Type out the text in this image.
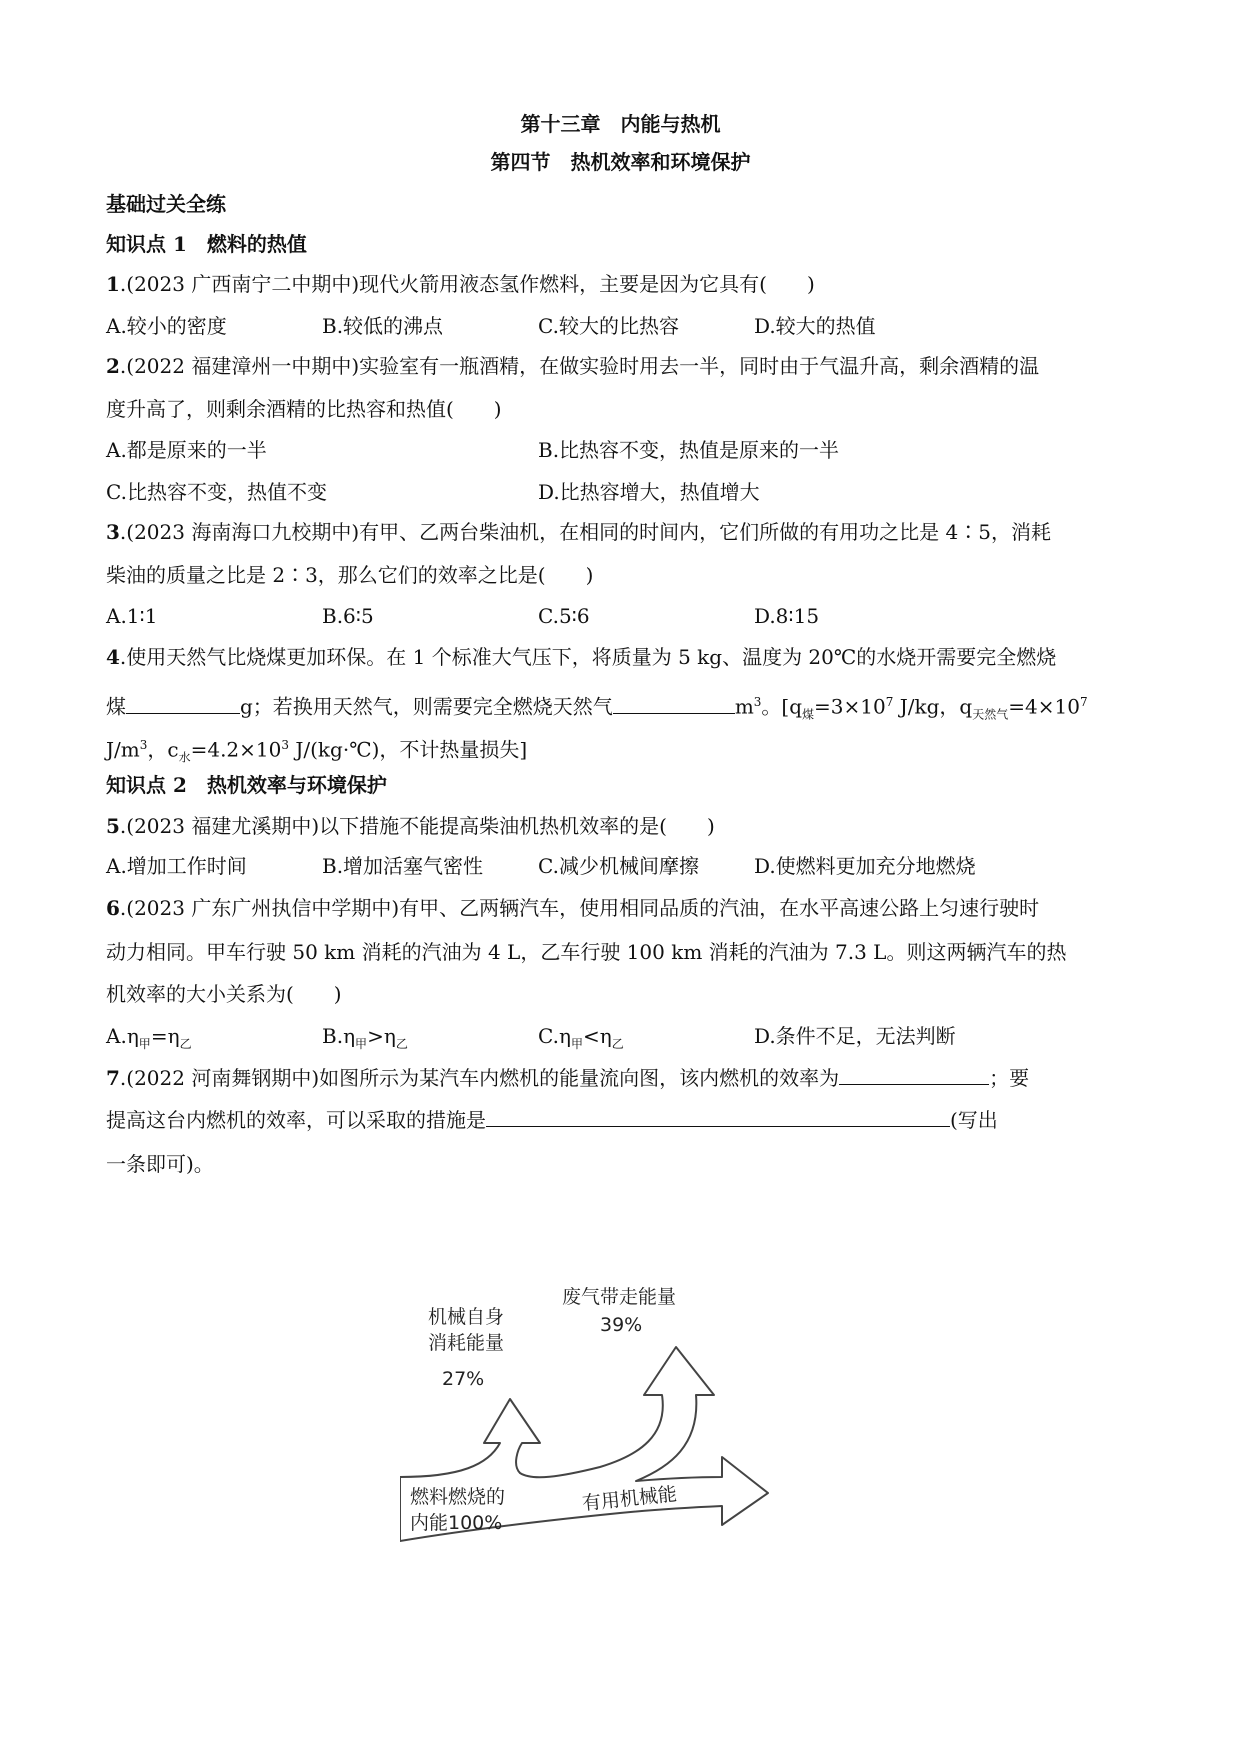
第十三章　内能与热机
第四节　热机效率和环境保护
基础过关全练
知识点 1　燃料的热值
1.(2023 广西南宁二中期中)现代火箭用液态氢作燃料，主要是因为它具有(　　)
A.较小的密度	B.较低的沸点	C.较大的比热容	D.较大的热值
2.(2022 福建漳州一中期中)实验室有一瓶酒精，在做实验时用去一半，同时由于气温升高，剩余酒精的温
度升高了，则剩余酒精的比热容和热值(　　)
A.都是原来的一半	B.比热容不变，热值是原来的一半
C.比热容不变，热值不变	D.比热容增大，热值增大
3.(2023 海南海口九校期中)有甲、乙两台柴油机，在相同的时间内，它们所做的有用功之比是 4∶5，消耗
柴油的质量之比是 2∶3，那么它们的效率之比是(　　)
A.1∶1	B.6∶5	C.5∶6	D.8∶15
4.使用天然气比烧煤更加环保。在 1 个标准大气压下，将质量为 5 kg、温度为 20℃的水烧开需要完全燃烧
煤	g；若换用天然气，则需要完全燃烧天然气	$m^3$。[$q_煤=3\times 10^7$ J/kg，$q_{天然气}=4\times 10^7$
$J/m^3$，$c_水=4.2\times 10^3$ J/(kg·℃)，不计热量损失]
知识点 2　热机效率与环境保护
5.(2023 福建尤溪期中)以下措施不能提高柴油机热机效率的是(　　)
A.增加工作时间	B.增加活塞气密性	C.减少机械间摩擦	D.使燃料更加充分地燃烧
6.(2023 广东广州执信中学期中)有甲、乙两辆汽车，使用相同品质的汽油，在水平高速公路上匀速行驶时
动力相同。甲车行驶 50 km 消耗的汽油为 4 L，乙车行驶 100 km 消耗的汽油为 7.3 L。则这两辆汽车的热
机效率的大小关系为(　　)
$A.\eta_甲=\eta_乙$	$B.\eta_甲>\eta_乙$	$C.\eta_甲<\eta_乙$	D.条件不足，无法判断
7.(2022 河南舞钢期中)如图所示为某汽车内燃机的能量流向图，该内燃机的效率为	；要
提高这台内燃机的效率，可以采取的措施是	(写出
一条即可)。
废气带走能量
39%
机械自身
消耗能量
27%
燃料燃烧的
内能100%
有用机械能
